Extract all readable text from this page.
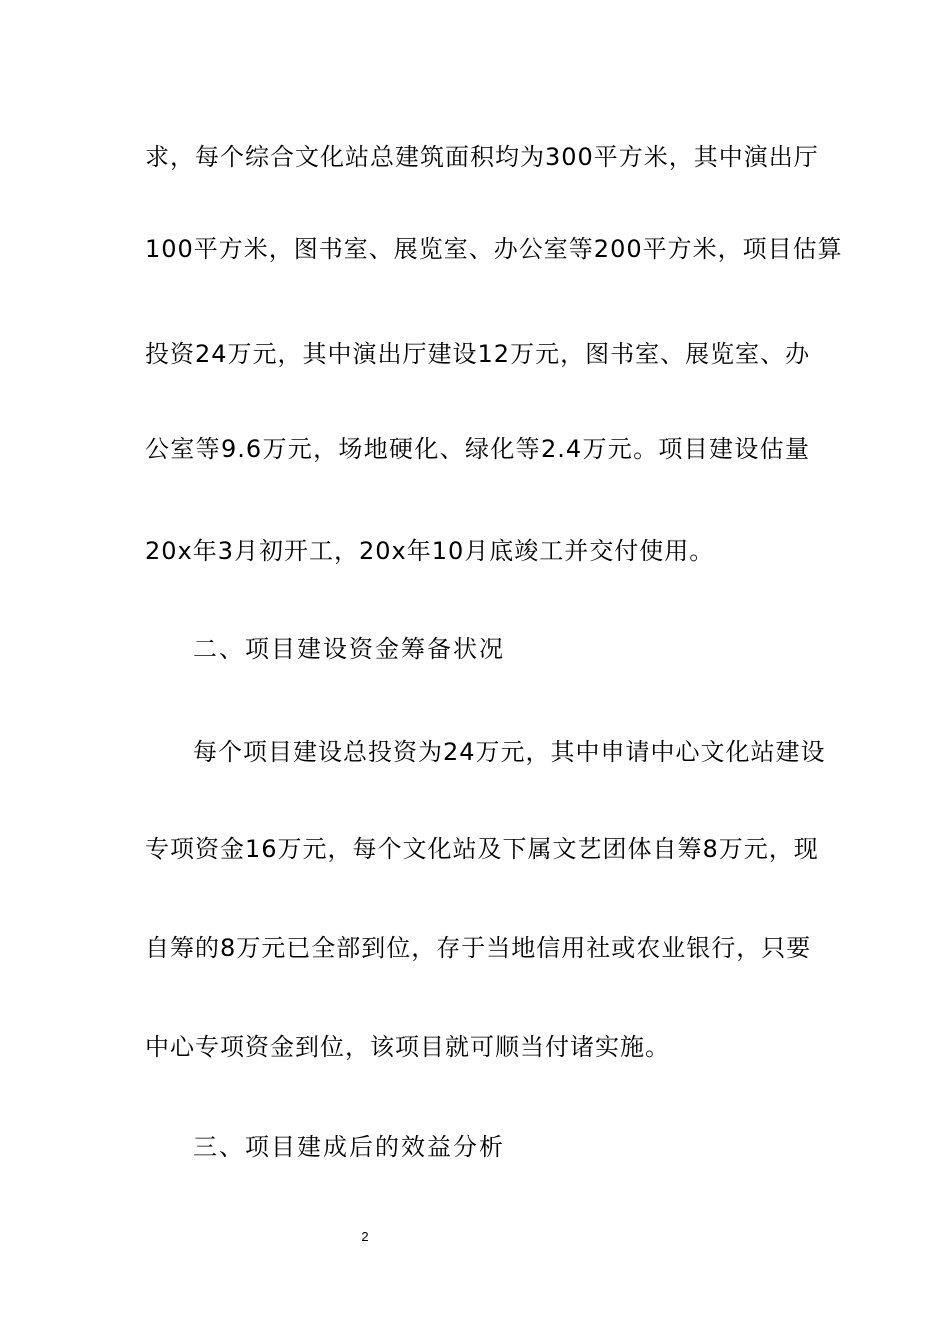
求，每个综合文化站总建筑面积均为300平方米，其中演出厅
100平方米，图书室、展览室、办公室等200平方米，项目估算
投资24万元，其中演出厅建设12万元，图书室、展览室、办
公室等9.6万元，场地硬化、绿化等2.4万元。项目建设估量
20x年3月初开工，20x年10月底竣工并交付使用。
二、项目建设资金筹备状况
每个项目建设总投资为24万元，其中申请中心文化站建设
专项资金16万元，每个文化站及下属文艺团体自筹8万元，现
自筹的8万元已全部到位，存于当地信用社或农业银行，只要
中心专项资金到位，该项目就可顺当付诸实施。
三、项目建成后的效益分析
2
